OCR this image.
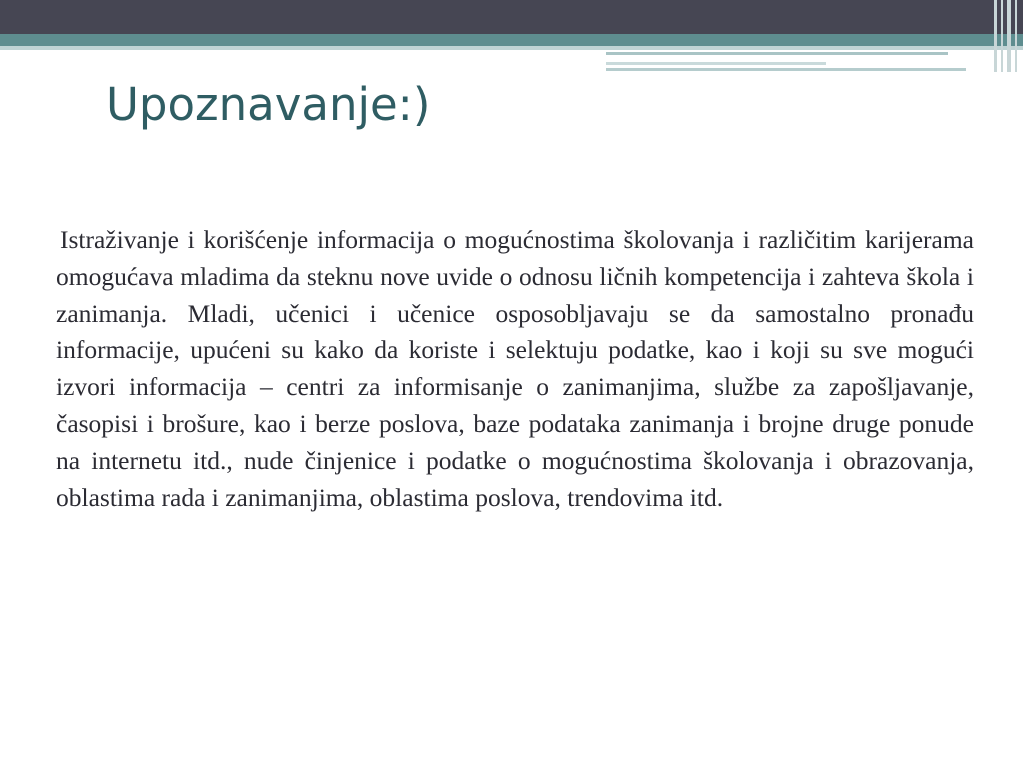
Upoznavanje:)

Istraživanje i korišćenje informacija o mogućnostima školovanja i različitim karijerama omogućava mladima da steknu nove uvide o odnosu ličnih kompetencija i zahteva škola i zanimanja. Mladi, učenici i učenice osposobljavaju se da samostalno pronađu informacije, upućeni su kako da koriste i selektuju podatke, kao i koji su sve mogući izvori informacija – centri za informisanje o zanimanjima, službe za zapošljavanje, časopisi i brošure, kao i berze poslova, baze podataka zanimanja i brojne druge ponude na internetu itd., nude činjenice i podatke o mogućnostima školovanja i obrazovanja, oblastima rada i zanimanjima, oblastima poslova, trendovima itd.
